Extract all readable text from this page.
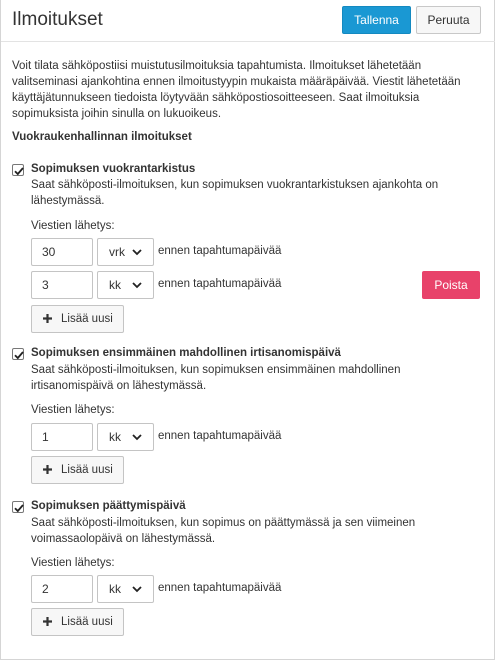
Ilmoitukset	Tallenna	Peruuta
Voit tilata sähköpostiisi muistutusilmoituksia tapahtumista. Ilmoitukset lähetetään valitseminasi ajankohtina ennen ilmoitustyypin mukaista määräpäivää. Viestit lähetetään käyttäjätunnukseen tiedoista löytyvään sähköpostiosoitteeseen. Saat ilmoituksia sopimuksista joihin sinulla on lukuoikeus.
Vuokraukenhallinnan ilmoitukset
Sopimuksen vuokrantarkistus
Saat sähköposti-ilmoituksen, kun sopimuksen vuokrantarkistuksen ajankohta on lähestymässä.
Viestien lähetys:
30	vrk	ennen tapahtumapäivää
3	kk	ennen tapahtumapäivää	Poista
Lisää uusi
Sopimuksen ensimmäinen mahdollinen irtisanomispäivä
Saat sähköposti-ilmoituksen, kun sopimuksen ensimmäinen mahdollinen irtisanomispäivä on lähestymässä.
Viestien lähetys:
1	kk	ennen tapahtumapäivää
Lisää uusi
Sopimuksen päättymispäivä
Saat sähköposti-ilmoituksen, kun sopimus on päättymässä ja sen viimeinen voimassaolopäivä on lähestymässä.
Viestien lähetys:
2	kk	ennen tapahtumapäivää
Lisää uusi
